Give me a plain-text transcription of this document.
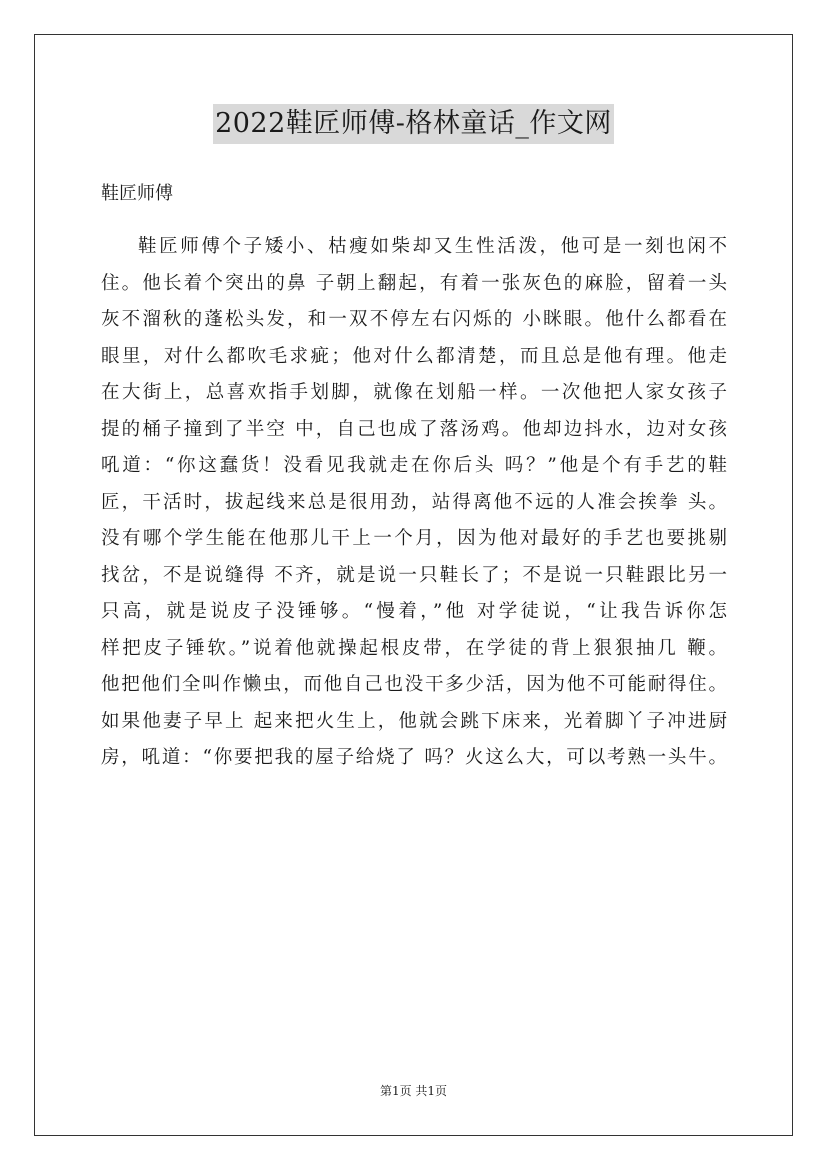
2022鞋匠师傅-格林童话_作文网
鞋匠师傅
鞋匠师傅个子矮小、枯瘦如柴却又生性活泼，他可是一刻也闲不
住。他长着个突出的鼻 子朝上翻起，有着一张灰色的麻脸，留着一头
灰不溜秋的蓬松头发，和一双不停左右闪烁的 小眯眼。他什么都看在
眼里，对什么都吹毛求疵；他对什么都清楚，而且总是他有理。他走
在大街上，总喜欢指手划脚，就像在划船一样。一次他把人家女孩子
提的桶子撞到了半空 中，自己也成了落汤鸡。他却边抖水，边对女孩
吼道：“你这蠢货！没看见我就走在你后头 吗？”他是个有手艺的鞋
匠，干活时，拔起线来总是很用劲，站得离他不远的人准会挨拳 头。
没有哪个学生能在他那儿干上一个月，因为他对最好的手艺也要挑剔
找岔，不是说缝得 不齐，就是说一只鞋长了；不是说一只鞋跟比另一
只高，就是说皮子没锤够。“慢着，”他 对学徒说，“让我告诉你怎
样把皮子锤软。”说着他就操起根皮带，在学徒的背上狠狠抽几 鞭。
他把他们全叫作懒虫，而他自己也没干多少活，因为他不可能耐得住。
如果他妻子早上 起来把火生上，他就会跳下床来，光着脚丫子冲进厨
房，吼道：“你要把我的屋子给烧了 吗？火这么大，可以考熟一头牛。
第1页 共1页
